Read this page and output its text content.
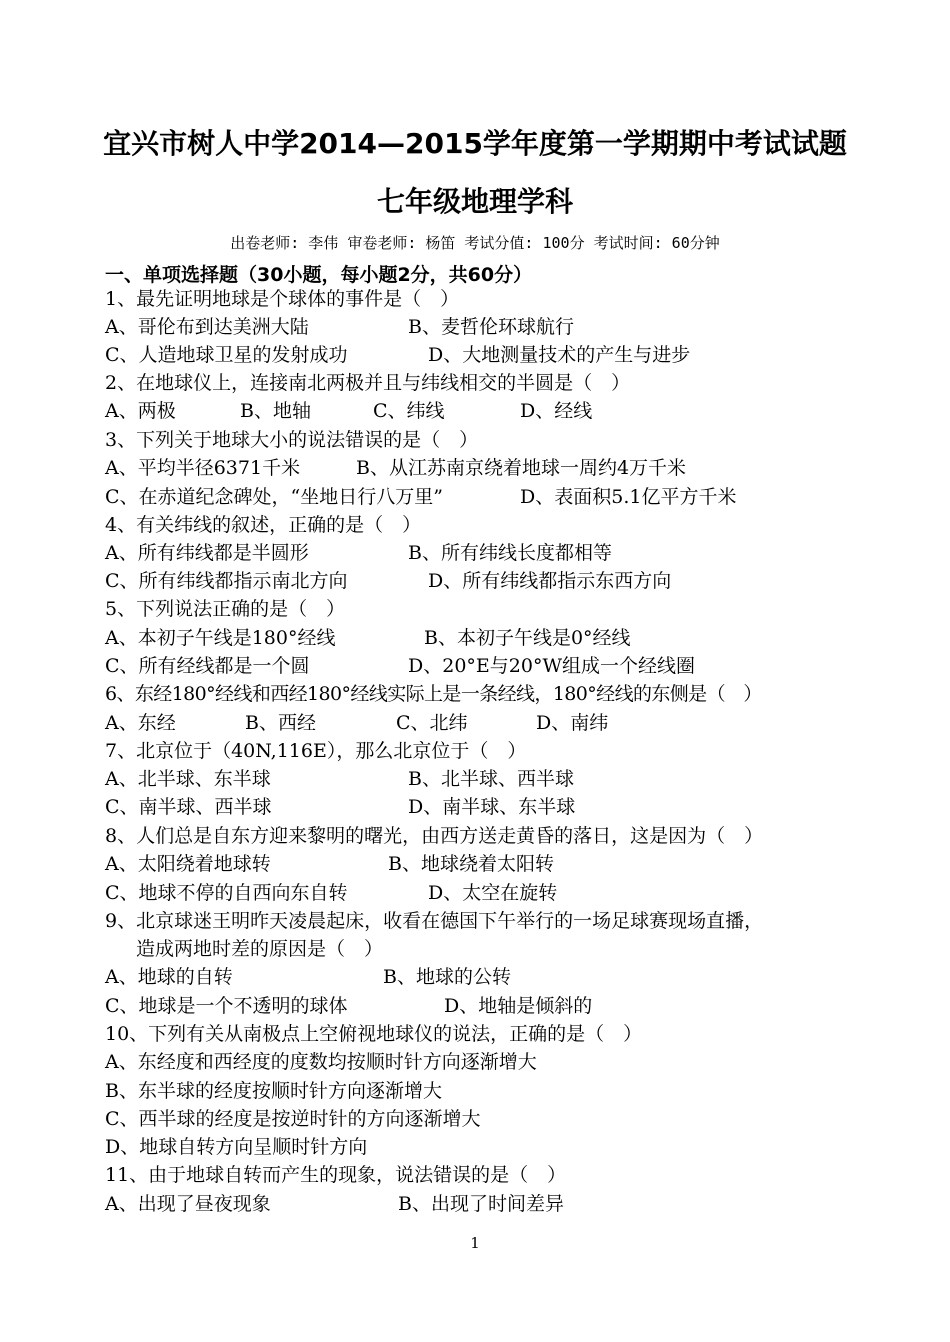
宜兴市树人中学2014—2015学年度第一学期期中考试试题
七年级地理学科
出卷老师: 李伟 审卷老师: 杨笛 考试分值: 100分 考试时间: 60分钟
一、单项选择题（30小题，每小题2分，共60分）
1、最先证明地球是个球体的事件是（　）
A、哥伦布到达美洲大陆	B、麦哲伦环球航行
C、人造地球卫星的发射成功	D、大地测量技术的产生与进步
2、在地球仪上，连接南北两极并且与纬线相交的半圆是（　）
A、两极	B、地轴	C、纬线	D、经线
3、下列关于地球大小的说法错误的是（　）
A、平均半径6371千米	B、从江苏南京绕着地球一周约4万千米
C、在赤道纪念碑处，“坐地日行八万里”	D、表面积5.1亿平方千米
4、有关纬线的叙述，正确的是（　）
A、所有纬线都是半圆形	B、所有纬线长度都相等
C、所有纬线都指示南北方向	D、所有纬线都指示东西方向
5、下列说法正确的是（　）
A、本初子午线是180°经线	B、本初子午线是0°经线
C、所有经线都是一个圆	D、20°E与20°W组成一个经线圈
6、东经180°经线和西经180°经线实际上是一条经线，180°经线的东侧是（　）
A、东经	B、西经	C、北纬	D、南纬
7、北京位于（40N,116E），那么北京位于（　）
A、北半球、东半球	B、北半球、西半球
C、南半球、西半球	D、南半球、东半球
8、人们总是自东方迎来黎明的曙光，由西方送走黄昏的落日，这是因为（　）
A、太阳绕着地球转	B、地球绕着太阳转
C、地球不停的自西向东自转	D、太空在旋转
9、北京球迷王明昨天凌晨起床，收看在德国下午举行的一场足球赛现场直播，
造成两地时差的原因是（　）
A、地球的自转	B、地球的公转
C、地球是一个不透明的球体	D、地轴是倾斜的
10、下列有关从南极点上空俯视地球仪的说法，正确的是（　）
A、东经度和西经度的度数均按顺时针方向逐渐增大
B、东半球的经度按顺时针方向逐渐增大
C、西半球的经度是按逆时针的方向逐渐增大
D、地球自转方向呈顺时针方向
11、由于地球自转而产生的现象，说法错误的是（　）
A、出现了昼夜现象	B、出现了时间差异
1
